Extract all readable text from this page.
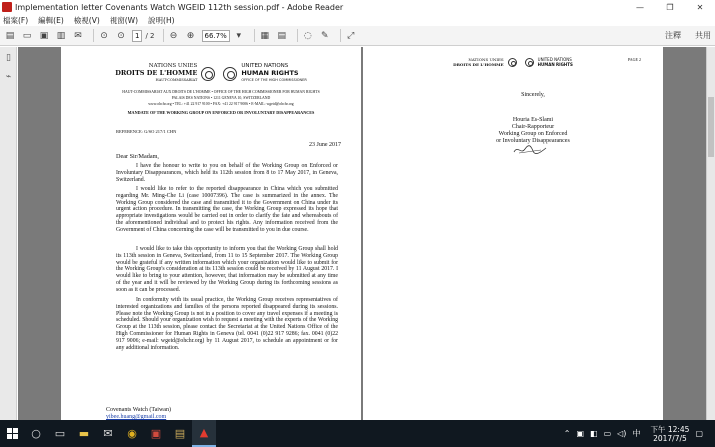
Implementation letter Covenants Watch WGEID 112th session.pdf - Adobe Reader	—	❐	✕
檔案(F) 編輯(E) 檢視(V) 視窗(W) 說明(H)
▤ ▭ ▣ ▥ ✉ ⊙ ⊙	1 / 2 ⊖ ⊕	66.7%	▾	▦ ▤ ◌ ✎ ⤢	注釋 共用
▯
⌁
NATIONS UNIES
DROITS DE L'HOMME
HAUT-COMMISSARIAT
UNITED NATIONS
HUMAN RIGHTS
OFFICE OF THE HIGH COMMISSIONER
HAUT-COMMISSARIAT AUX DROITS DE L'HOMME • OFFICE OF THE HIGH COMMISSIONER FOR HUMAN RIGHTS
PALAIS DES NATIONS • 1211 GENEVA 10, SWITZERLAND
www.ohchr.org • TEL: +41 22 917 9100 • FAX: +41 22 917 9006 • E-MAIL: wgeid@ohchr.org
MANDATE OF THE WORKING GROUP ON ENFORCED OR INVOLUNTARY DISAPPEARANCES
REFERENCE: G/SO 217/1 CHN
23 June 2017
Dear Sir/Madam,
I have the honour to write to you on behalf of the Working Group on Enforced or Involuntary Disappearances, which held its 112th session from 8 to 17 May 2017, in Geneva, Switzerland.
I would like to refer to the reported disappearance in China which you submitted regarding Mr. Ming-Che Li (case 10007396). The case is summarized in the annex. The Working Group considered the case and transmitted it to the Government on China under its urgent action procedure. In transmitting the case, the Working Group expressed its hope that appropriate investigations would be carried out in order to clarify the fate and whereabouts of the aforementioned individual and to protect his rights. Any information received from the Government of China concerning the case will be transmitted to you in due course.
I would like to take this opportunity to inform you that the Working Group shall hold its 113th session in Geneva, Switzerland, from 11 to 15 September 2017. The Working Group would be grateful if any written information which your organization would like to submit for the Working Group's consideration at its 113th session could be received by 11 August 2017. I would like to bring to your attention, however, that information may be submitted at any time of the year and it will be reviewed by the Working Group during its forthcoming sessions as soon as it can be processed.
In conformity with its usual practice, the Working Group receives representatives of interested organizations and families of the persons reported disappeared during its sessions. Please note the Working Group is not in a position to cover any travel expenses if a meeting is scheduled. Should your organization wish to request a meeting with the experts of the Working Group at the 113th session, please contact the Secretariat at the United Nations Office of the High Commissioner for Human Rights in Geneva (tel. 0041 (0)22 917 9286; fax. 0041 (0)22 917 9006; e-mail: wgeid@ohchr.org) by 11 August 2017, to schedule an appointment or for any additional information.
Covenants Watch (Taiwan)
yibee.huang@gmail.com
NATIONS UNIES
DROITS DE L'HOMME
UNITED NATIONS
HUMAN RIGHTS
PAGE 2
Sincerely,
Houria Es-Slami
Chair-Rapporteur
Working Group on Enforced
or Involuntary Disappearances
○	▭	▬	✉	◉	▣	▤	▲	⌃ ▣ ◧ ▭ ◁) 中 下午 12:45
2017/7/5	▢
